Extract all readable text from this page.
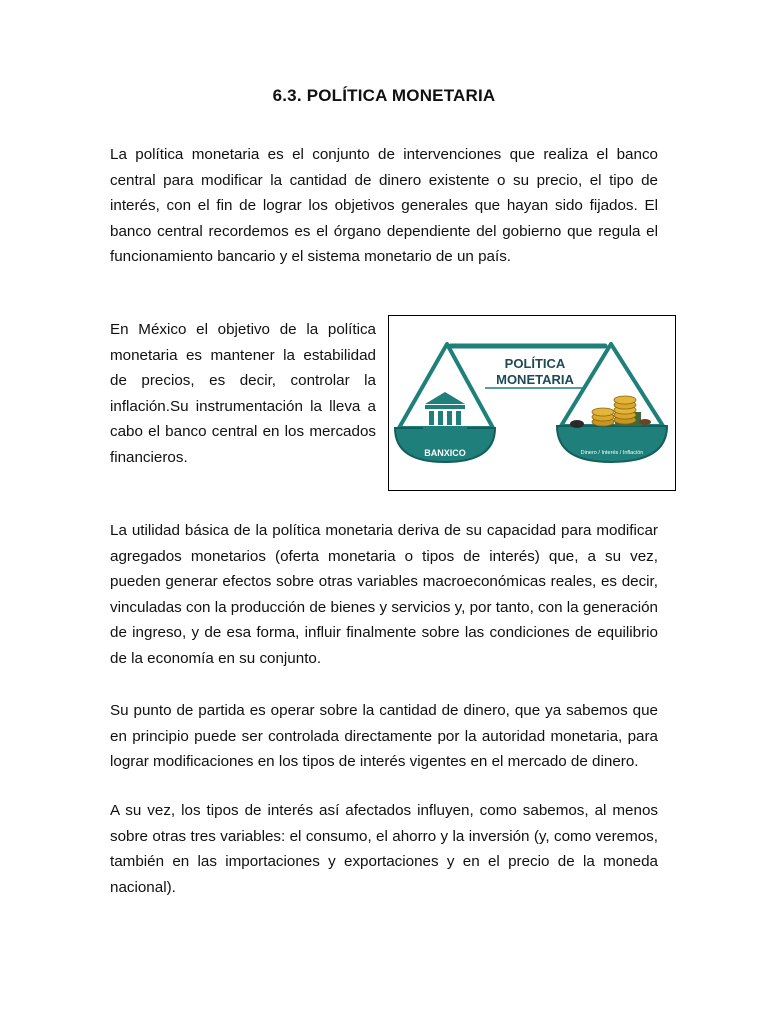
6.3. POLÍTICA MONETARIA

La política monetaria es el conjunto de intervenciones que realiza el banco central para modificar la cantidad de dinero existente o su precio, el tipo de interés, con el fin de lograr los objetivos generales que hayan sido fijados. El banco central recordemos es el órgano dependiente del gobierno que regula el funcionamiento bancario y el sistema monetario de un país.

En México el objetivo de la política monetaria es mantener la estabilidad de precios, es decir, controlar la inflación.Su instrumentación la lleva a cabo el banco central en los mercados financieros.	BANXICO	Dinero / Interés / Inflación
POLÍTICA
MONETARIA

La utilidad básica de la política monetaria deriva de su capacidad para modificar agregados monetarios (oferta monetaria o tipos de interés) que, a su vez, pueden generar efectos sobre otras variables macroeconómicas reales, es decir, vinculadas con la producción de bienes y servicios y, por tanto, con la generación de ingreso, y de esa forma, influir finalmente sobre las condiciones de equilibrio de la economía en su conjunto.

Su punto de partida es operar sobre la cantidad de dinero, que ya sabemos que en principio puede ser controlada directamente por la autoridad monetaria, para lograr modificaciones en los tipos de interés vigentes en el mercado de dinero.

A su vez, los tipos de interés así afectados influyen, como sabemos, al menos sobre otras tres variables: el consumo, el ahorro y la inversión (y, como veremos, también en las importaciones y exportaciones y en el precio de la moneda nacional).
